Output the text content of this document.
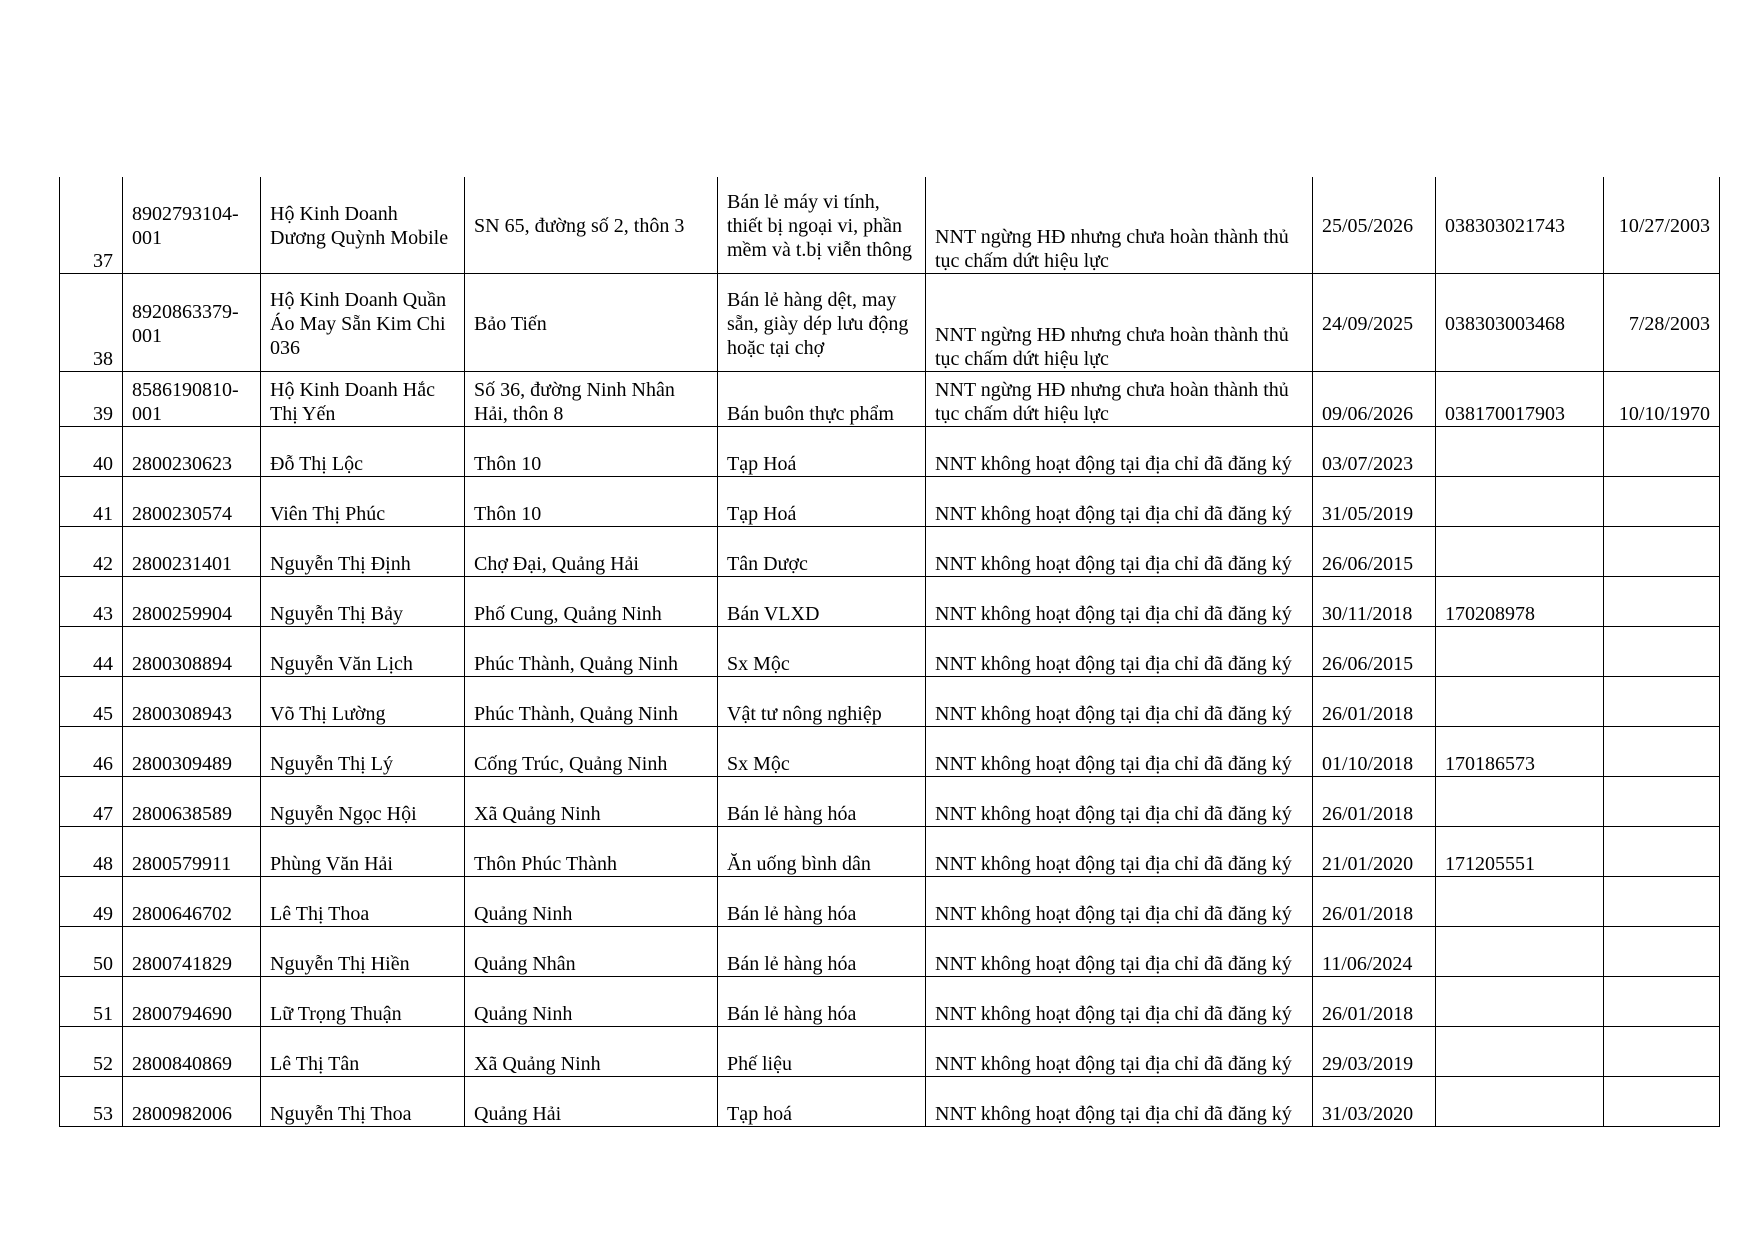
37	8902793104-001	Hộ Kinh Doanh Dương Quỳnh Mobile	SN 65, đường số 2, thôn 3	Bán lẻ máy vi tính, thiết bị ngoại vi, phần mềm và t.bị viễn thông	NNT ngừng HĐ nhưng chưa hoàn thành thủ tục chấm dứt hiệu lực	25/05/2026	038303021743	10/27/2003
38	8920863379-001	Hộ Kinh Doanh Quần Áo May Sẵn Kim Chi 036	Bảo Tiến	Bán lẻ hàng dệt, may sẵn, giày dép lưu động hoặc tại chợ	NNT ngừng HĐ nhưng chưa hoàn thành thủ tục chấm dứt hiệu lực	24/09/2025	038303003468	7/28/2003
39	8586190810-001	Hộ Kinh Doanh Hắc Thị Yến	Số 36, đường Ninh Nhân Hải, thôn 8	Bán buôn thực phẩm	NNT ngừng HĐ nhưng chưa hoàn thành thủ tục chấm dứt hiệu lực	09/06/2026	038170017903	10/10/1970
40	2800230623	Đỗ Thị Lộc	Thôn 10	Tạp Hoá	NNT không hoạt động tại địa chỉ đã đăng ký	03/07/2023		
41	2800230574	Viên Thị Phúc	Thôn 10	Tạp Hoá	NNT không hoạt động tại địa chỉ đã đăng ký	31/05/2019		
42	2800231401	Nguyễn Thị Định	Chợ Đại, Quảng Hải	Tân Dược	NNT không hoạt động tại địa chỉ đã đăng ký	26/06/2015		
43	2800259904	Nguyễn Thị Bảy	Phố Cung, Quảng Ninh	Bán VLXD	NNT không hoạt động tại địa chỉ đã đăng ký	30/11/2018	170208978	
44	2800308894	Nguyễn Văn Lịch	Phúc Thành, Quảng Ninh	Sx Mộc	NNT không hoạt động tại địa chỉ đã đăng ký	26/06/2015		
45	2800308943	Võ Thị Lường	Phúc Thành, Quảng Ninh	Vật tư nông nghiệp	NNT không hoạt động tại địa chỉ đã đăng ký	26/01/2018		
46	2800309489	Nguyễn Thị Lý	Cống Trúc, Quảng Ninh	Sx Mộc	NNT không hoạt động tại địa chỉ đã đăng ký	01/10/2018	170186573	
47	2800638589	Nguyễn Ngọc Hội	Xã Quảng Ninh	Bán lẻ hàng hóa	NNT không hoạt động tại địa chỉ đã đăng ký	26/01/2018		
48	2800579911	Phùng Văn Hải	Thôn Phúc Thành	Ăn uống bình dân	NNT không hoạt động tại địa chỉ đã đăng ký	21/01/2020	171205551	
49	2800646702	Lê Thị Thoa	Quảng Ninh	Bán lẻ hàng hóa	NNT không hoạt động tại địa chỉ đã đăng ký	26/01/2018		
50	2800741829	Nguyễn Thị Hiền	Quảng Nhân	Bán lẻ hàng hóa	NNT không hoạt động tại địa chỉ đã đăng ký	11/06/2024		
51	2800794690	Lữ Trọng Thuận	Quảng Ninh	Bán lẻ hàng hóa	NNT không hoạt động tại địa chỉ đã đăng ký	26/01/2018		
52	2800840869	Lê Thị Tân	Xã Quảng Ninh	Phế liệu	NNT không hoạt động tại địa chỉ đã đăng ký	29/03/2019		
53	2800982006	Nguyễn Thị Thoa	Quảng Hải	Tạp hoá	NNT không hoạt động tại địa chỉ đã đăng ký	31/03/2020		
